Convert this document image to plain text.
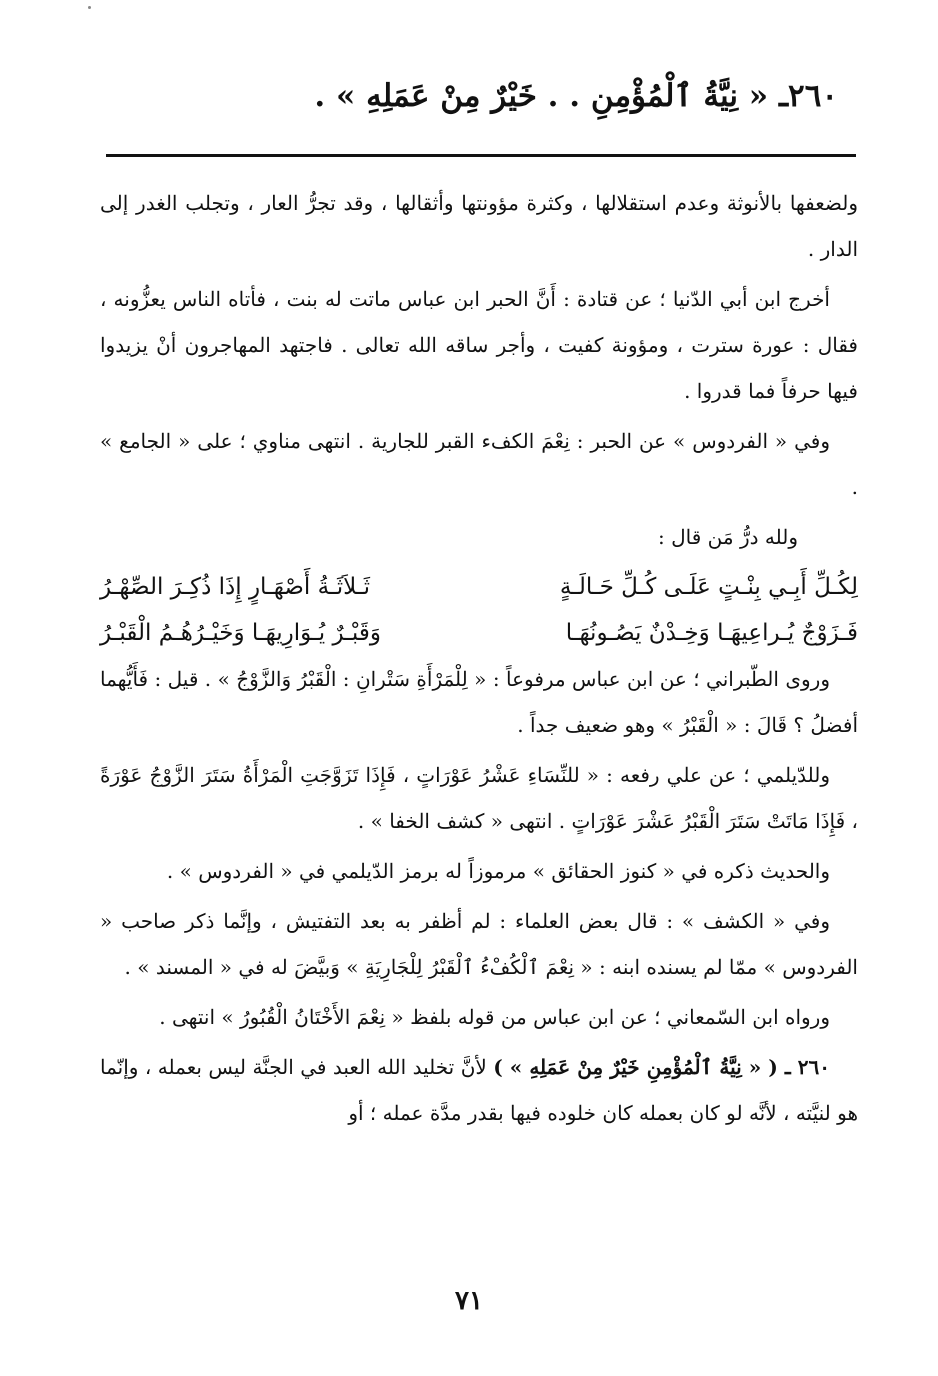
٢٦٠ـ « نِيَّةُ ٱلْمُؤْمِنِ . . خَيْرٌ مِنْ عَمَلِهِ » .

ولضعفها بالأنوثة وعدم استقلالها ، وكثرة مؤونتها وأثقالها ، وقد تجرُّ العار ، وتجلب الغدر إلى الدار .

أخرج ابن أبي الدّنيا ؛ عن قتادة : أَنَّ الحبر ابن عباس ماتت له بنت ، فأتاه الناس يعزُّونه ، فقال : عورة سترت ، ومؤونة كفيت ، وأجر ساقه الله تعالى . فاجتهد المهاجرون أنْ يزيدوا فيها حرفاً فما قدروا .

وفي « الفردوس » عن الحبر : نِعْمَ الكفء القبر للجارية . انتهى مناوي ؛ على « الجامع » .

ولله درُّ مَن قال :

لِكُـلِّ أَبِـي بِنْـتٍ عَلَـى كُـلِّ حَـالَـةٍ
ثَـلاَثَـةُ أَصْهَـارٍ إِذَا ذُكِـرَ الصِّهْـرُ
فَـزَوْجٌ يُـراعِيهَـا وَخِـدْنٌ يَصُـونُهَـا
وَقَبْـرٌ يُـوَارِيهَـا وَخَيْـرُهُـمُ الْقَبْـرُ

وروى الطّبراني ؛ عن ابن عباس مرفوعاً : « لِلْمَرْأَةِ سَتْرانِ : الْقَبْرُ وَالزَّوْجُ » . قيل : فَأَيُّهما أفضلُ ؟ قَالَ : « الْقَبْرُ » وهو ضعيف جداً .

وللدّيلمي ؛ عن علي رفعه : « للنِّسَاءِ عَشْرُ عَوْرَاتٍ ، فَإِذَا تَزَوَّجَتِ الْمَرْأَةُ سَتَرَ الزَّوْجُ عَوْرَةً ، فَإِذَا مَاتَتْ سَتَرَ الْقَبْرُ عَشْرَ عَوْرَاتٍ . انتهى « كشف الخفا » .

والحديث ذكره في « كنوز الحقائق » مرموزاً له برمز الدّيلمي في « الفردوس » .

وفي « الكشف » : قال بعض العلماء : لم أظفر به بعد التفتيش ، وإنَّما ذكر صاحب « الفردوس » ممّا لم يسنده ابنه : « نِعْمَ ٱلْكُفْءُ ٱلْقَبْرُ لِلْجَارِيَةِ » وَبيَّضَ له في « المسند » .

ورواه ابن السّمعاني ؛ عن ابن عباس من قوله بلفظ « نِعْمَ الأَخْتَانُ الْقُبُورُ » انتهى .

٢٦٠ ـ ( « نِيَّةُ ٱلْمُؤْمِنِ خَيْرٌ مِنْ عَمَلِهِ » ) لأنَّ تخليد الله العبد في الجنَّة ليس بعمله ، وإنّما هو لنيَّته ، لأنَّه لو كان بعمله كان خلوده فيها بقدر مدَّة عمله ؛ أو

٧١
